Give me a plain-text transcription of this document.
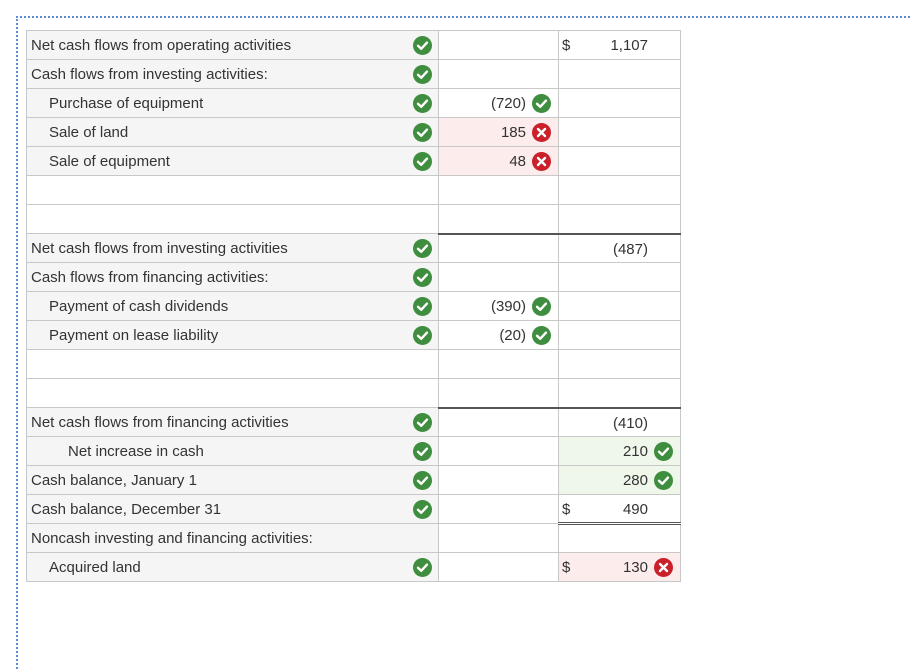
Net cash flows from operating activities		$ 1,107

Cash flows from investing activities:

Purchase of equipment	(720)	

Sale of land	185	

Sale of equipment	48	

Net cash flows from investing activities		(487)

Cash flows from financing activities:

Payment of cash dividends	(390)	

Payment on lease liability	(20)	

Net cash flows from financing activities		(410)

Net increase in cash		210

Cash balance, January 1		280

Cash balance, December 31		$ 490

Noncash investing and financing activities:	

Acquired land		$ 130
